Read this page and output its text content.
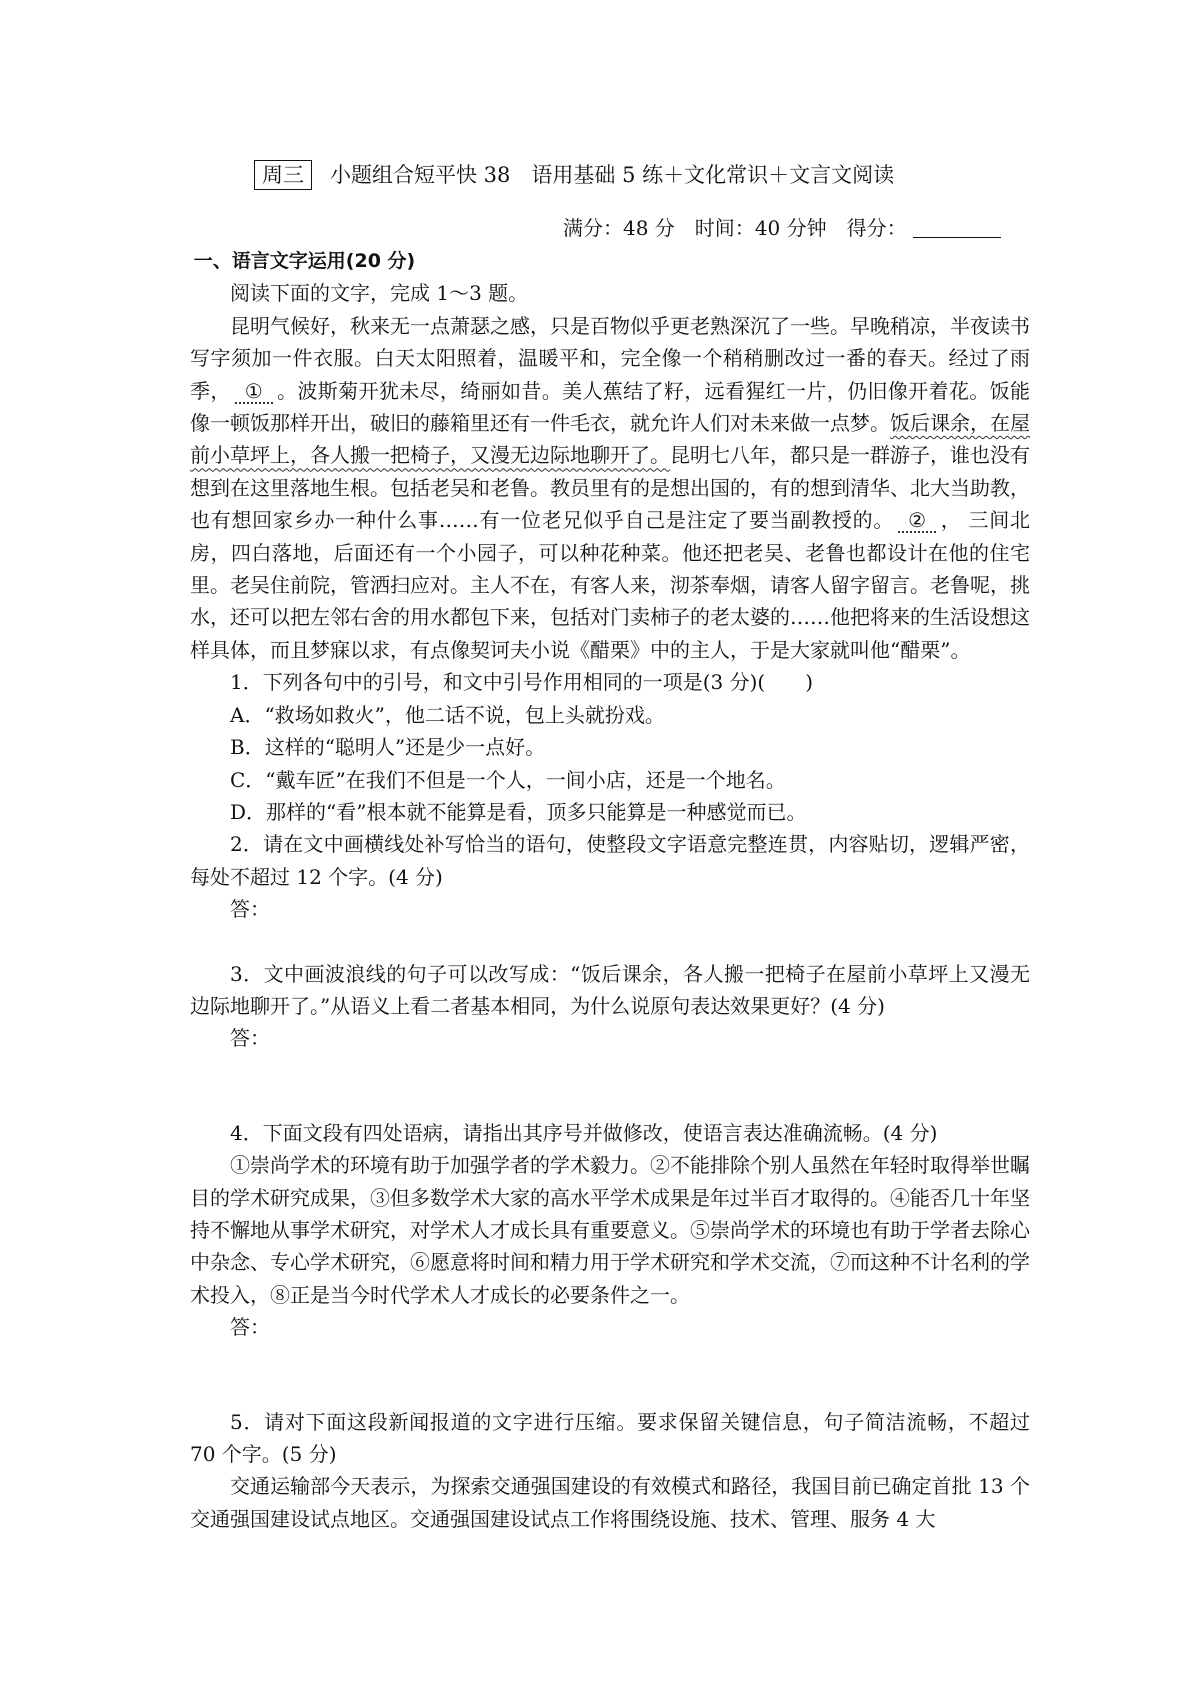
周三 小题组合短平快 38　语用基础 5 练＋文化常识＋文言文阅读
满分：48 分　时间：40 分钟　得分：

一、语言文字运用(20 分)

阅读下面的文字，完成 1～3 题。

昆明气候好，秋来无一点萧瑟之感，只是百物似乎更老熟深沉了一些。早晚稍凉，半夜读书写字须加一件衣服。白天太阳照着，温暖平和，完全像一个稍稍删改过一番的春天。经过了雨季， ① 。波斯菊开犹未尽，绮丽如昔。美人蕉结了籽，远看猩红一片，仍旧像开着花。饭能像一顿饭那样开出，破旧的藤箱里还有一件毛衣，就允许人们对未来做一点梦。饭后课余，在屋前小草坪上，各人搬一把椅子，又漫无边际地聊开了。昆明七八年，都只是一群游子，谁也没有想到在这里落地生根。包括老吴和老鲁。教员里有的是想出国的，有的想到清华、北大当助教，也有想回家乡办一种什么事……有一位老兄似乎自己是注定了要当副教授的。 ② ， 三间北房，四白落地，后面还有一个小园子，可以种花种菜。他还把老吴、老鲁也都设计在他的住宅里。老吴住前院，管洒扫应对。主人不在，有客人来，沏茶奉烟，请客人留字留言。老鲁呢，挑水，还可以把左邻右舍的用水都包下来，包括对门卖柿子的老太婆的……他把将来的生活设想这样具体，而且梦寐以求，有点像契诃夫小说《醋栗》中的主人，于是大家就叫他“醋栗”。

1．下列各句中的引号，和文中引号作用相同的一项是(3 分)(　　)

A．“救场如救火”，他二话不说，包上头就扮戏。

B．这样的“聪明人”还是少一点好。

C．“戴车匠”在我们不但是一个人，一间小店，还是一个地名。

D．那样的“看”根本就不能算是看，顶多只能算是一种感觉而已。

2．请在文中画横线处补写恰当的语句，使整段文字语意完整连贯，内容贴切，逻辑严密，每处不超过 12 个字。(4 分)

答：

3．文中画波浪线的句子可以改写成：“饭后课余，各人搬一把椅子在屋前小草坪上又漫无边际地聊开了。”从语义上看二者基本相同，为什么说原句表达效果更好？(4 分)

答：

4．下面文段有四处语病，请指出其序号并做修改，使语言表达准确流畅。(4 分)

①崇尚学术的环境有助于加强学者的学术毅力。②不能排除个别人虽然在年轻时取得举世瞩目的学术研究成果，③但多数学术大家的高水平学术成果是年过半百才取得的。④能否几十年坚持不懈地从事学术研究，对学术人才成长具有重要意义。⑤崇尚学术的环境也有助于学者去除心中杂念、专心学术研究，⑥愿意将时间和精力用于学术研究和学术交流，⑦而这种不计名利的学术投入，⑧正是当今时代学术人才成长的必要条件之一。

答：

5．请对下面这段新闻报道的文字进行压缩。要求保留关键信息，句子简洁流畅，不超过 70 个字。(5 分)

交通运输部今天表示，为探索交通强国建设的有效模式和路径，我国目前已确定首批 13 个交通强国建设试点地区。交通强国建设试点工作将围绕设施、技术、管理、服务 4 大
